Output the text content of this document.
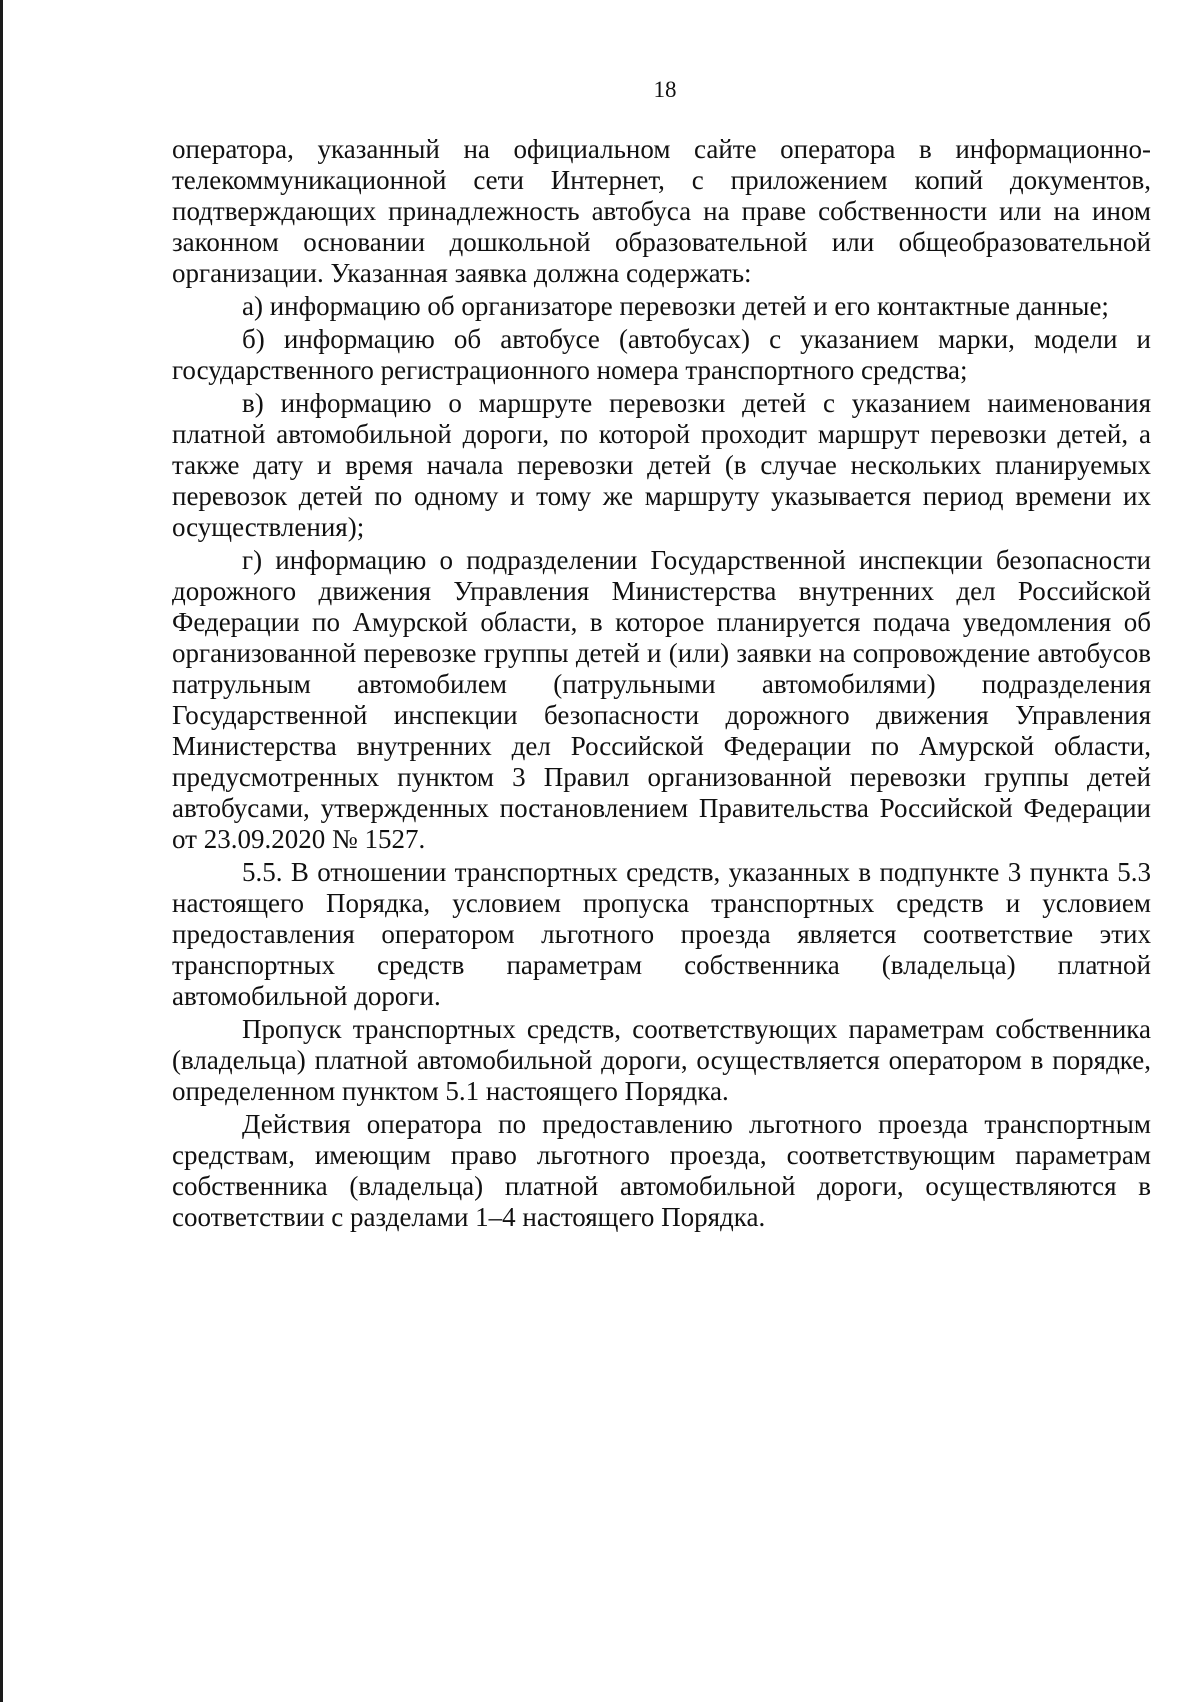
18

оператора, указанный на официальном сайте оператора в информационно-телекоммуникационной сети Интернет, с приложением копий документов, подтверждающих принадлежность автобуса на праве собственности или на ином законном основании дошкольной образовательной или общеобразовательной организации. Указанная заявка должна содержать:

а) информацию об организаторе перевозки детей и его контактные данные;

б) информацию об автобусе (автобусах) с указанием марки, модели и государственного регистрационного номера транспортного средства;

в) информацию о маршруте перевозки детей с указанием наименования платной автомобильной дороги, по которой проходит маршрут перевозки детей, а также дату и время начала перевозки детей (в случае нескольких планируемых перевозок детей по одному и тому же маршруту указывается период времени их осуществления);

г) информацию о подразделении Государственной инспекции безопасности дорожного движения Управления Министерства внутренних дел Российской Федерации по Амурской области, в которое планируется подача уведомления об организованной перевозке группы детей и (или) заявки на сопровождение автобусов патрульным автомобилем (патрульными автомобилями) подразделения Государственной инспекции безопасности дорожного движения Управления Министерства внутренних дел Российской Федерации по Амурской области, предусмотренных пунктом 3 Правил организованной перевозки группы детей автобусами, утвержденных постановлением Правительства Российской Федерации от 23.09.2020 № 1527.

5.5. В отношении транспортных средств, указанных в подпункте 3 пункта 5.3 настоящего Порядка, условием пропуска транспортных средств и условием предоставления оператором льготного проезда является соответствие этих транспортных средств параметрам собственника (владельца) платной автомобильной дороги.

Пропуск транспортных средств, соответствующих параметрам собственника (владельца) платной автомобильной дороги, осуществляется оператором в порядке, определенном пунктом 5.1 настоящего Порядка.

Действия оператора по предоставлению льготного проезда транспортным средствам, имеющим право льготного проезда, соответствующим параметрам собственника (владельца) платной автомобильной дороги, осуществляются в соответствии с разделами 1–4 настоящего Порядка.
